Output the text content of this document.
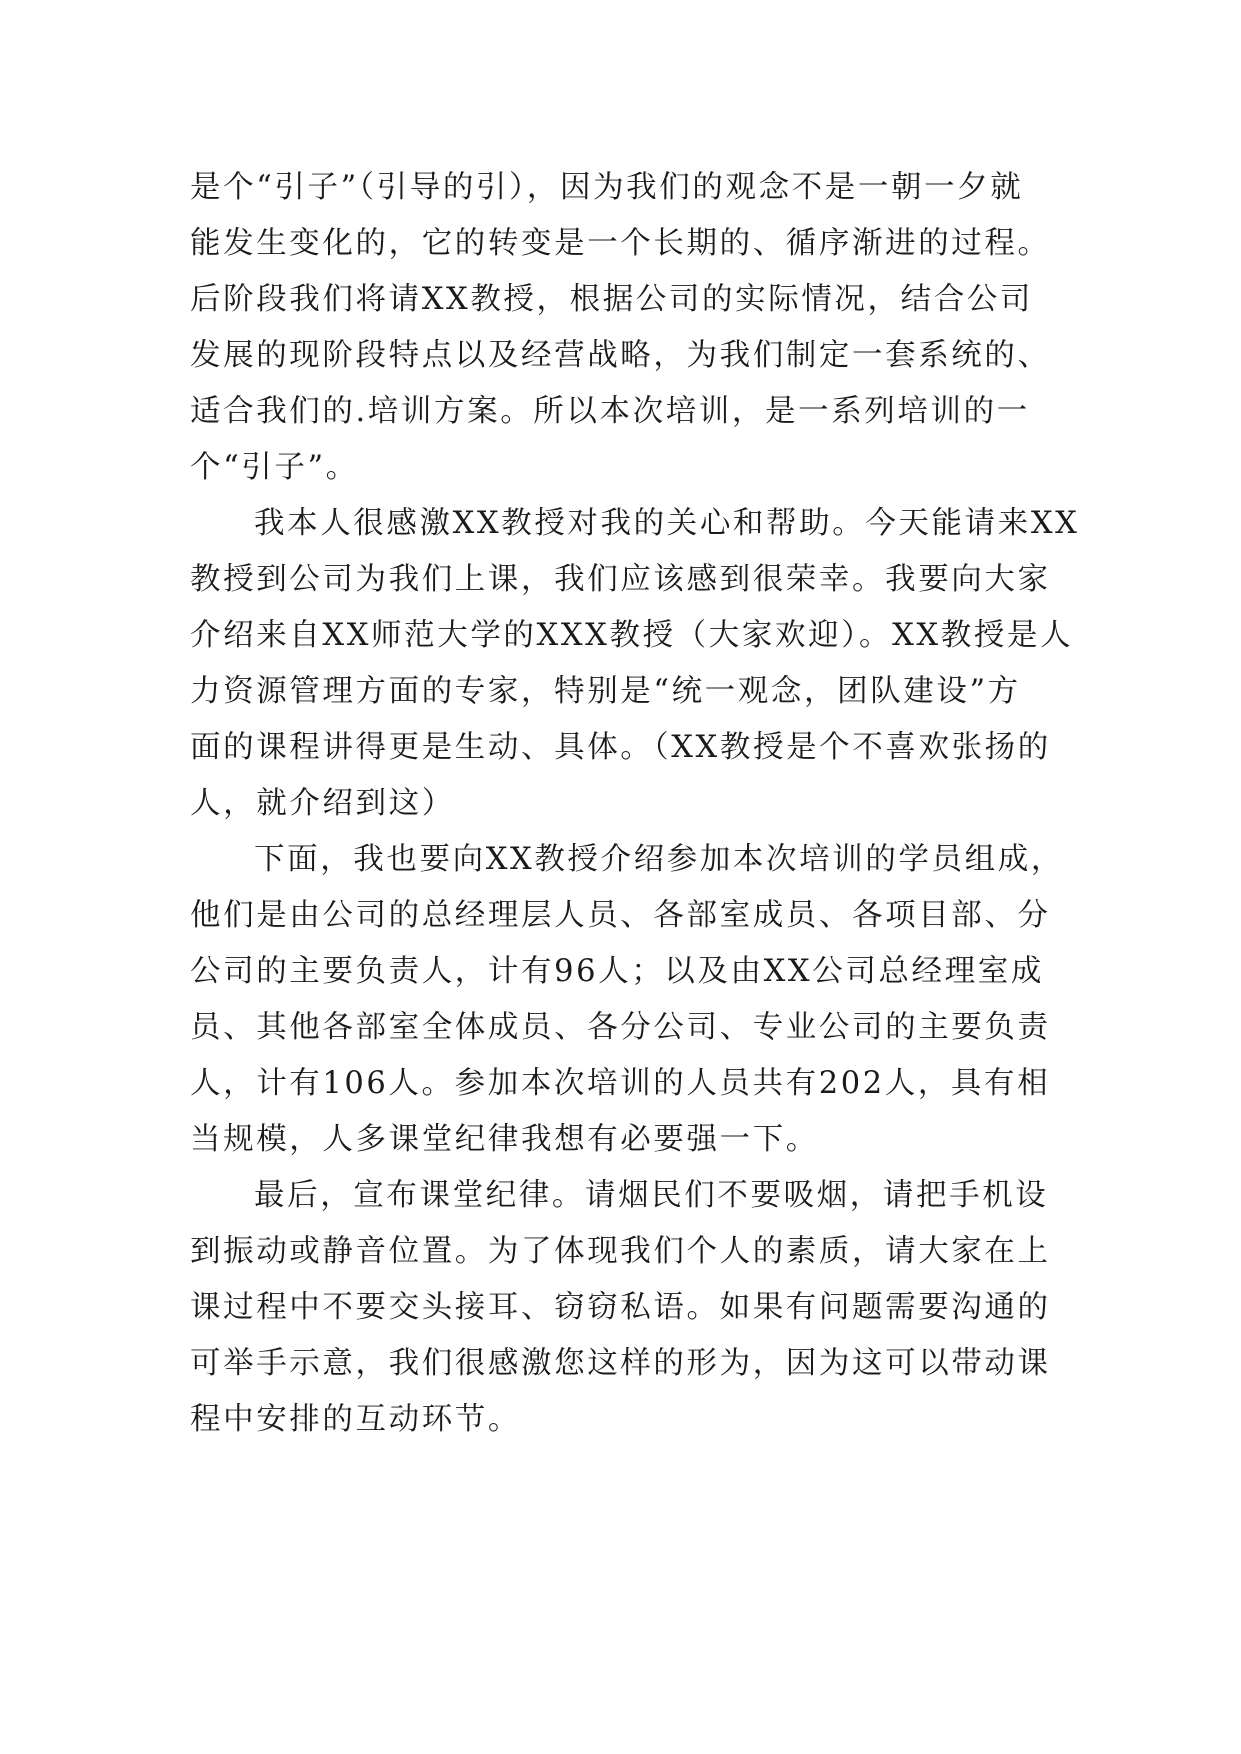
是个“引子”（引导的引），因为我们的观念不是一朝一夕就
能发生变化的，它的转变是一个长期的、循序渐进的过程。
后阶段我们将请XX教授，根据公司的实际情况，结合公司
发展的现阶段特点以及经营战略，为我们制定一套系统的、
适合我们的.培训方案。所以本次培训，是一系列培训的一
个“引子”。
我本人很感激XX教授对我的关心和帮助。今天能请来XX
教授到公司为我们上课，我们应该感到很荣幸。我要向大家
介绍来自XX师范大学的XXX教授（大家欢迎）。XX教授是人
力资源管理方面的专家，特别是“统一观念，团队建设”方
面的课程讲得更是生动、具体。（XX教授是个不喜欢张扬的
人，就介绍到这）
下面，我也要向XX教授介绍参加本次培训的学员组成，
他们是由公司的总经理层人员、各部室成员、各项目部、分
公司的主要负责人，计有96人；以及由XX公司总经理室成
员、其他各部室全体成员、各分公司、专业公司的主要负责
人，计有106人。参加本次培训的人员共有202人，具有相
当规模，人多课堂纪律我想有必要强一下。
最后，宣布课堂纪律。请烟民们不要吸烟，请把手机设
到振动或静音位置。为了体现我们个人的素质，请大家在上
课过程中不要交头接耳、窃窃私语。如果有问题需要沟通的
可举手示意，我们很感激您这样的形为，因为这可以带动课
程中安排的互动环节。
